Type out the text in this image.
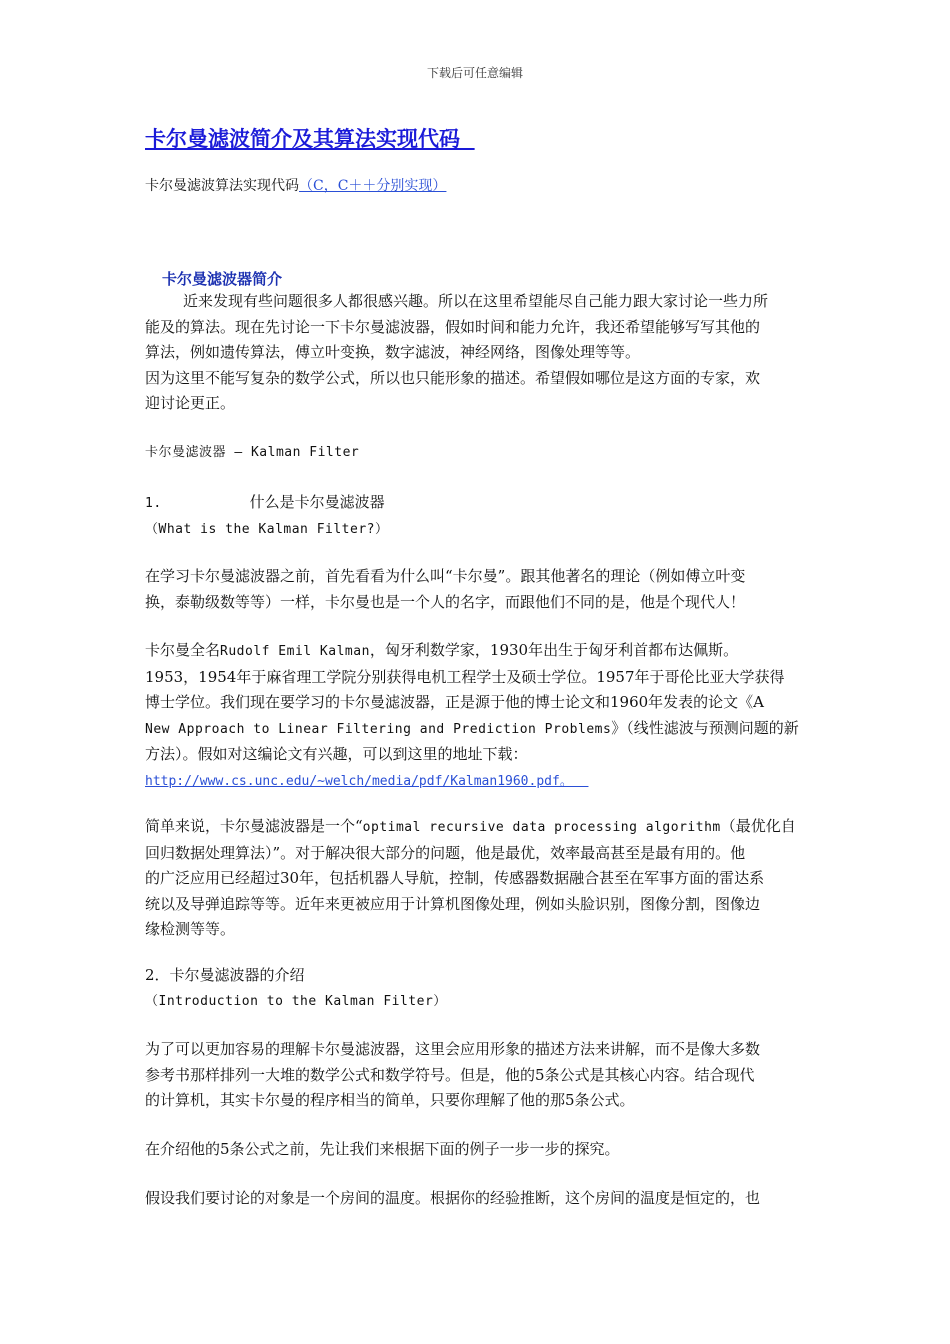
下载后可任意编辑
卡尔曼滤波简介及其算法实现代码
卡尔曼滤波算法实现代码（C，C＋＋分别实现）
卡尔曼滤波器简介
近来发现有些问题很多人都很感兴趣。所以在这里希望能尽自己能力跟大家讨论一些力所
能及的算法。现在先讨论一下卡尔曼滤波器，假如时间和能力允许，我还希望能够写写其他的
算法，例如遗传算法，傅立叶变换，数字滤波，神经网络，图像处理等等。
因为这里不能写复杂的数学公式，所以也只能形象的描述。希望假如哪位是这方面的专家，欢
迎讨论更正。
卡尔曼滤波器 – Kalman Filter
1.	什么是卡尔曼滤波器
（What is the Kalman Filter?）
在学习卡尔曼滤波器之前，首先看看为什么叫“卡尔曼”。跟其他著名的理论（例如傅立叶变
换，泰勒级数等等）一样，卡尔曼也是一个人的名字，而跟他们不同的是，他是个现代人！
卡尔曼全名Rudolf Emil Kalman，匈牙利数学家，1930年出生于匈牙利首都布达佩斯。
1953，1954年于麻省理工学院分别获得电机工程学士及硕士学位。1957年于哥伦比亚大学获得
博士学位。我们现在要学习的卡尔曼滤波器，正是源于他的博士论文和1960年发表的论文《A
New Approach to Linear Filtering and Prediction Problems》（线性滤波与预测问题的新
方法）。假如对这编论文有兴趣，可以到这里的地址下载：
http://www.cs.unc.edu/~welch/media/pdf/Kalman1960.pdf。
简单来说，卡尔曼滤波器是一个“optimal recursive data processing algorithm（最优化自
回归数据处理算法）”。对于解决很大部分的问题，他是最优，效率最高甚至是最有用的。他
的广泛应用已经超过30年，包括机器人导航，控制，传感器数据融合甚至在军事方面的雷达系
统以及导弹追踪等等。近年来更被应用于计算机图像处理，例如头脸识别，图像分割，图像边
缘检测等等。
2．卡尔曼滤波器的介绍
（Introduction to the Kalman Filter）
为了可以更加容易的理解卡尔曼滤波器，这里会应用形象的描述方法来讲解，而不是像大多数
参考书那样排列一大堆的数学公式和数学符号。但是，他的5条公式是其核心内容。结合现代
的计算机，其实卡尔曼的程序相当的简单，只要你理解了他的那5条公式。
在介绍他的5条公式之前，先让我们来根据下面的例子一步一步的探究。
假设我们要讨论的对象是一个房间的温度。根据你的经验推断，这个房间的温度是恒定的，也
